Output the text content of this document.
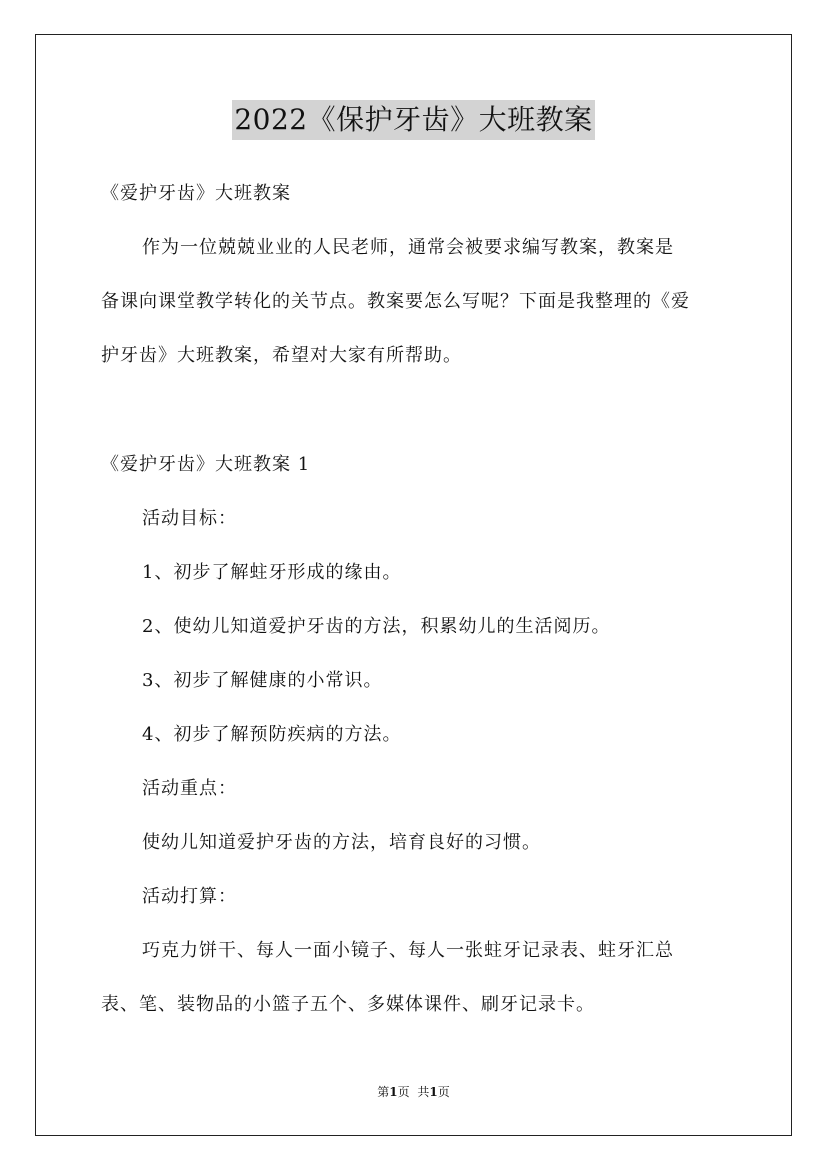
2022《保护牙齿》大班教案
《爱护牙齿》大班教案
作为一位兢兢业业的人民老师，通常会被要求编写教案，教案是
备课向课堂教学转化的关节点。教案要怎么写呢？下面是我整理的《爱
护牙齿》大班教案，希望对大家有所帮助。
《爱护牙齿》大班教案 1
活动目标：
1、初步了解蛀牙形成的缘由。
2、使幼儿知道爱护牙齿的方法，积累幼儿的生活阅历。
3、初步了解健康的小常识。
4、初步了解预防疾病的方法。
活动重点：
使幼儿知道爱护牙齿的方法，培育良好的习惯。
活动打算：
巧克力饼干、每人一面小镜子、每人一张蛀牙记录表、蛀牙汇总
表、笔、装物品的小篮子五个、多媒体课件、刷牙记录卡。
第1页 共1页
